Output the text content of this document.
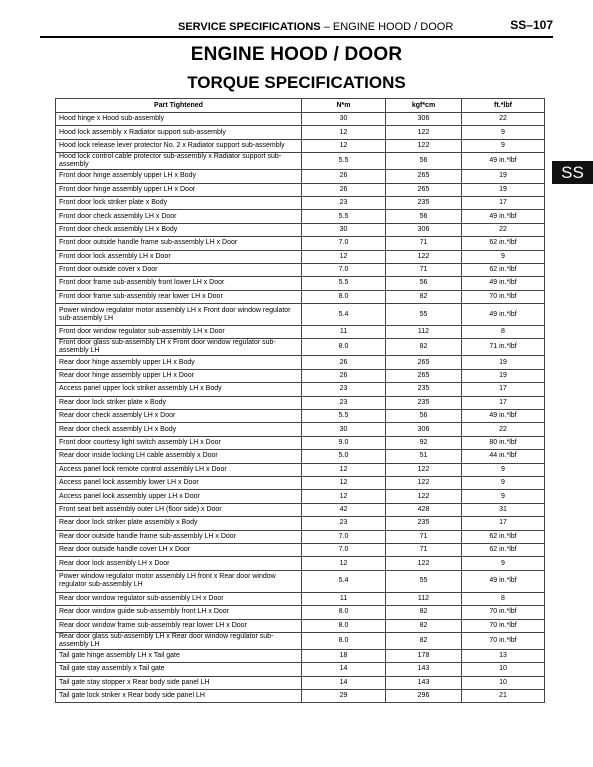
SERVICE SPECIFICATIONS – ENGINE HOOD / DOOR	SS–107
ENGINE HOOD / DOOR
TORQUE SPECIFICATIONS
SS
Part Tightened	N*m	kgf*cm	ft.*lbf
Hood hinge x Hood sub-assembly	30	306	22
Hood lock assembly x Radiator support sub-assembly	12	122	9
Hood lock release lever protector No. 2 x Radiator support sub-assembly	12	122	9
Hood lock control cable protector sub-assembly x Radiator support sub-assembly	5.5	56	49 in.*lbf
Front door hinge assembly upper LH x Body	26	265	19
Front door hinge assembly upper LH x Door	26	265	19
Front door lock striker plate x Body	23	235	17
Front door check assembly LH x Door	5.5	56	49 in.*lbf
Front door check assembly LH x Body	30	306	22
Front door outside handle frame sub-assembly LH x Door	7.0	71	62 in.*lbf
Front door lock assembly LH x Door	12	122	9
Front door outside cover x Door	7.0	71	62 in.*lbf
Front door frame sub-assembly front lower LH x Door	5.5	56	49 in.*lbf
Front door frame sub-assembly rear lower LH x Door	8.0	82	70 in.*lbf
Power window regulator motor assembly LH x Front door window regulator sub-assembly LH	5.4	55	49 in.*lbf
Front door window regulator sub-assembly LH x Door	11	112	8
Front door glass sub-assembly LH x Front door window regulator sub-assembly LH	8.0	82	71 in.*lbf
Rear door hinge assembly upper LH x Body	26	265	19
Rear door hinge assembly upper LH x Door	26	265	19
Access panel upper lock striker assembly LH x Body	23	235	17
Rear door lock striker plate x Body	23	235	17
Rear door check assembly LH x Door	5.5	56	49 in.*lbf
Rear door check assembly LH x Body	30	306	22
Front door courtesy light switch assembly LH x Door	9.0	92	80 in.*lbf
Rear door inside locking LH cable assembly x Door	5.0	51	44 in.*lbf
Access panel lock remote control assembly LH x Door	12	122	9
Access panel lock assembly lower LH x Door	12	122	9
Access panel lock assembly upper LH x Door	12	122	9
Front seat belt assembly outer LH (floor side) x Door	42	428	31
Rear door lock striker plate assembly x Body	23	235	17
Rear door outside handle frame sub-assembly LH x Door	7.0	71	62 in.*lbf
Rear door outside handle cover LH x Door	7.0	71	62 in.*lbf
Rear door lock assembly LH x Door	12	122	9
Power window regulator motor assembly LH front x Rear door window regulator sub-assembly LH	5.4	55	49 in.*lbf
Rear door window regulator sub-assembly LH x Door	11	112	8
Rear door window guide sub-assembly front LH x Door	8.0	82	70 in.*lbf
Rear door window frame sub-assembly rear lower LH x Door	8.0	82	70 in.*lbf
Rear door glass sub-assembly LH x Rear door window regulator sub-assembly LH	8.0	82	70 in.*lbf
Tail gate hinge assembly LH x Tail gate	18	178	13
Tail gate stay assembly x Tail gate	14	143	10
Tail gate stay stopper x Rear body side panel LH	14	143	10
Tail gate lock striker x Rear body side panel LH	29	296	21
